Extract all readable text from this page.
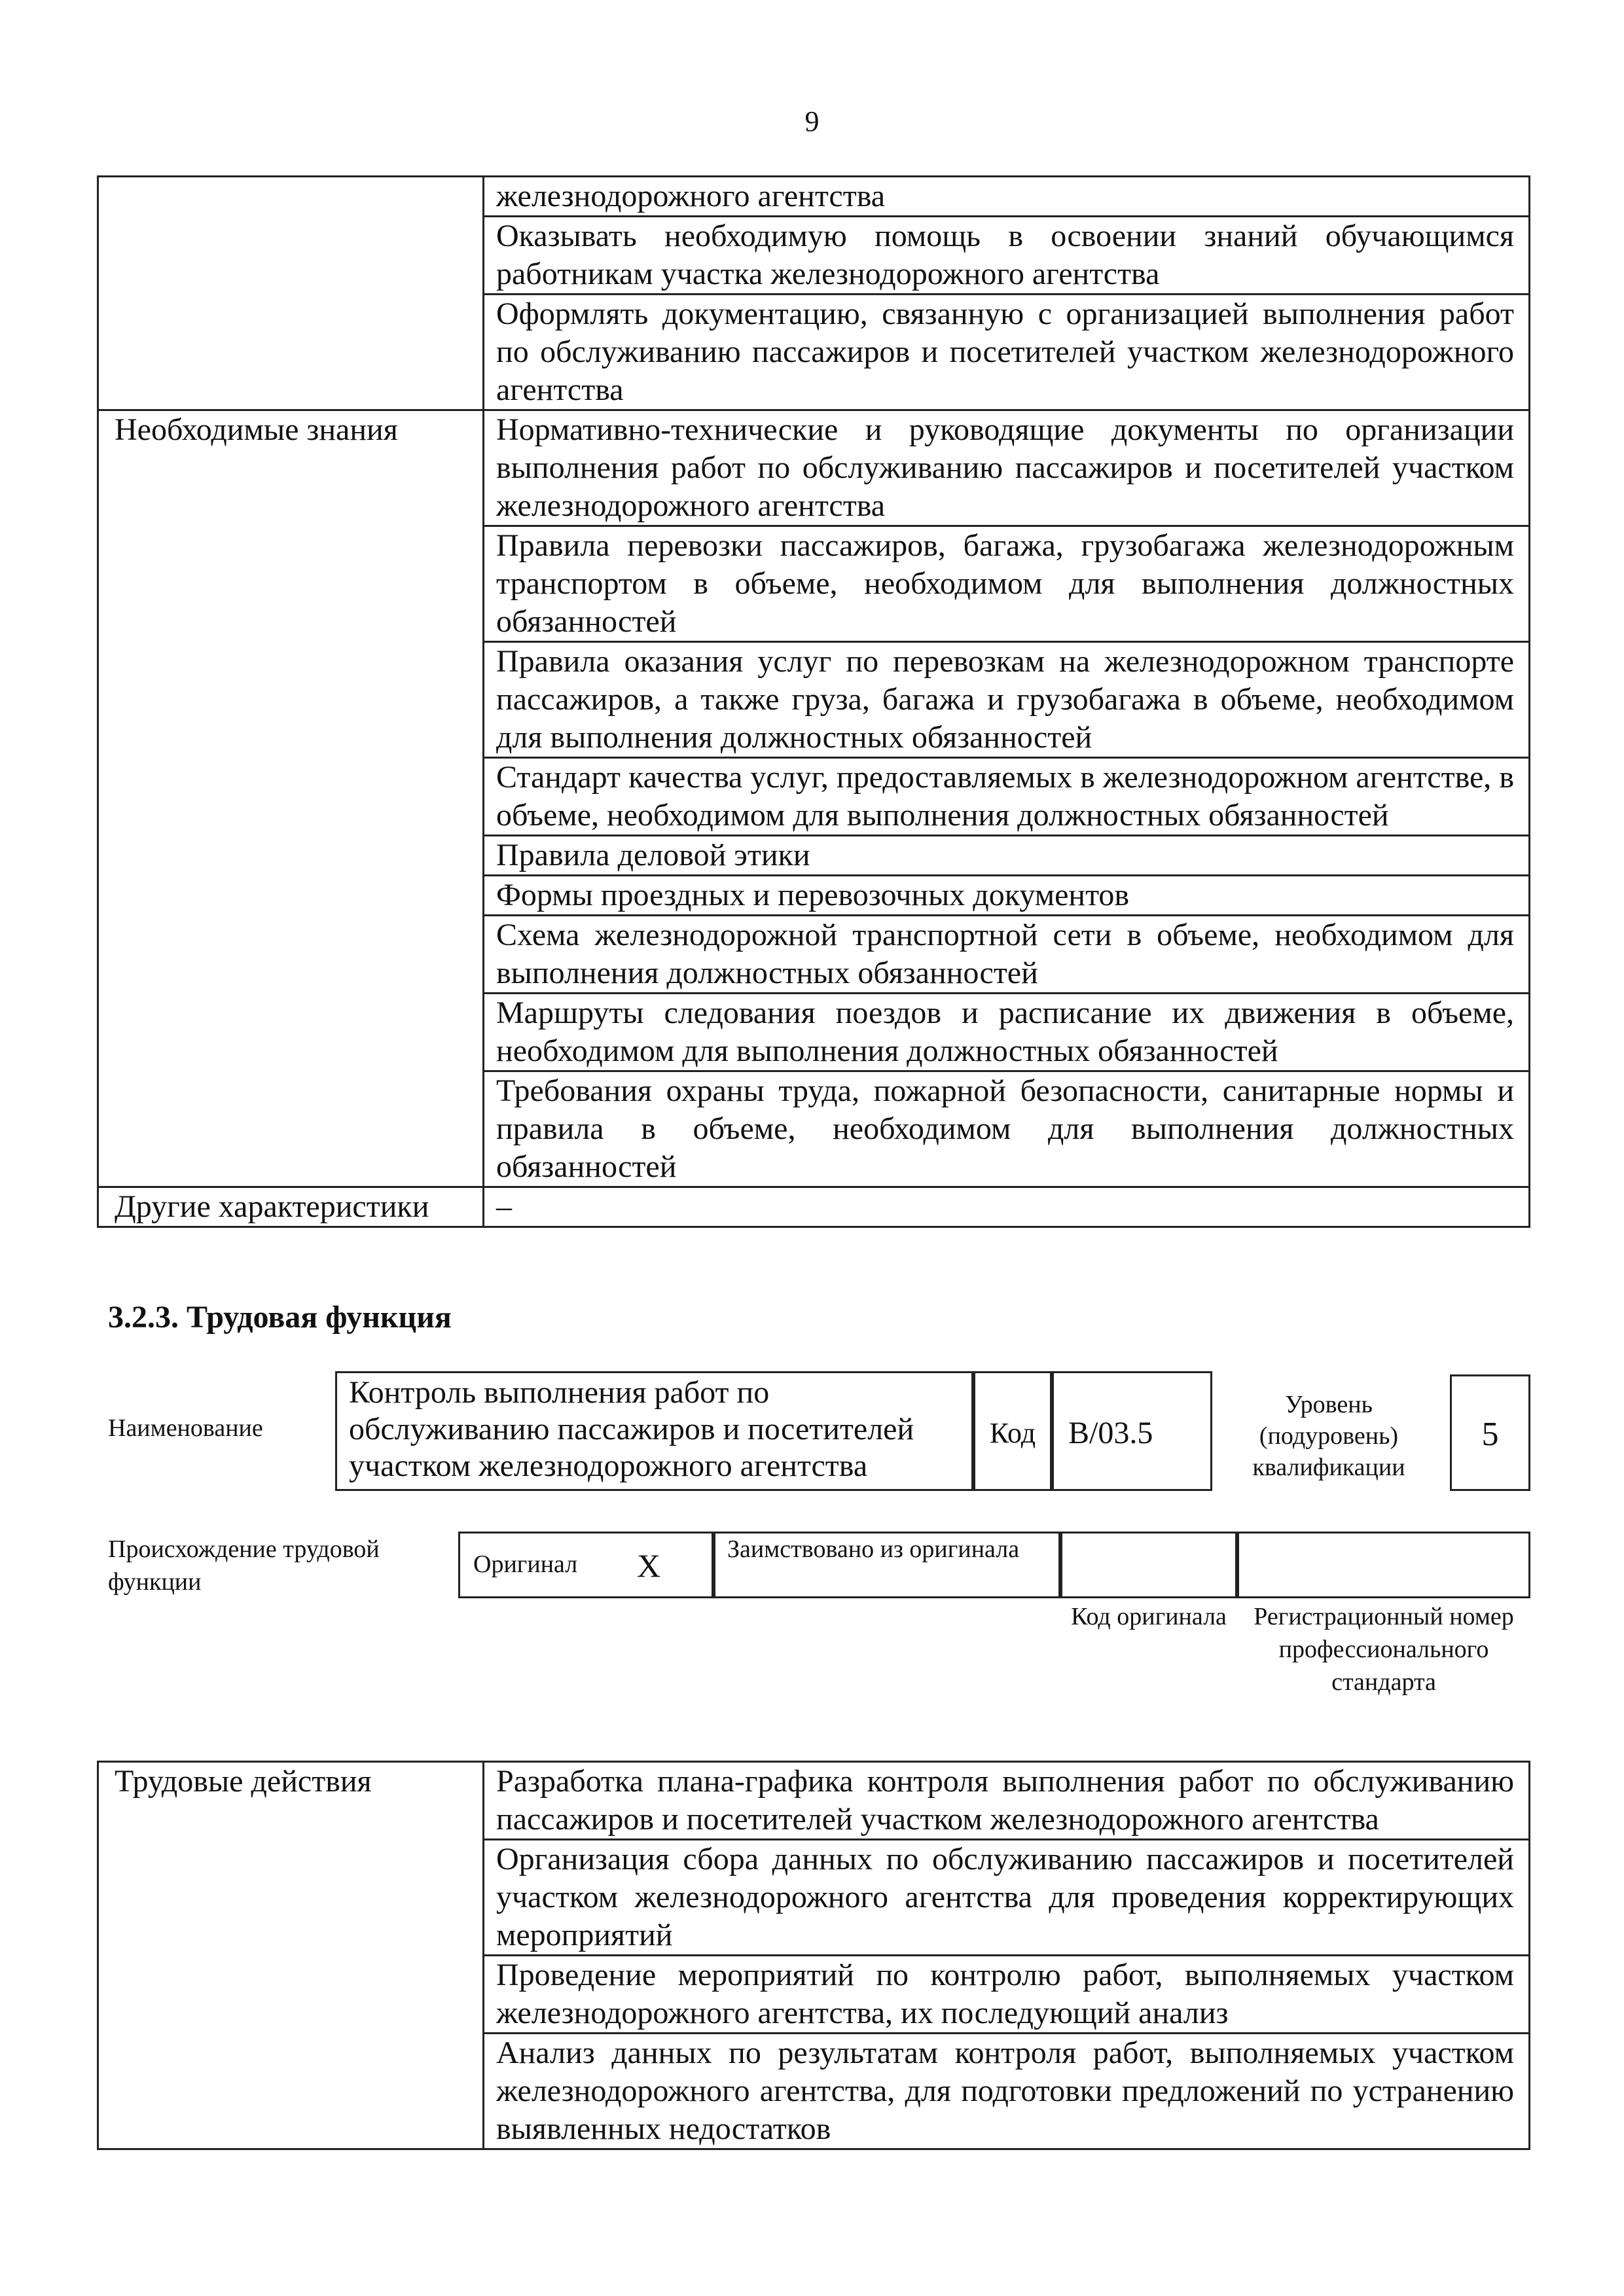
9
	железнодорожного агентства
	Оказывать необходимую помощь в освоении знаний обучающимся работникам участка железнодорожного агентства
	Оформлять документацию, связанную с организацией выполнения работ по обслуживанию пассажиров и посетителей участком железнодорожного агентства
Необходимые знания	Нормативно-технические и руководящие документы по организации выполнения работ по обслуживанию пассажиров и посетителей участком железнодорожного агентства
	Правила перевозки пассажиров, багажа, грузобагажа железнодорожным транспортом в объеме, необходимом для выполнения должностных обязанностей
	Правила оказания услуг по перевозкам на железнодорожном транспорте пассажиров, а также груза, багажа и грузобагажа в объеме, необходимом для выполнения должностных обязанностей
	Стандарт качества услуг, предоставляемых в железнодорожном агентстве, в объеме, необходимом для выполнения должностных обязанностей
	Правила деловой этики
	Формы проездных и перевозочных документов
	Схема железнодорожной транспортной сети в объеме, необходимом для выполнения должностных обязанностей
	Маршруты следования поездов и расписание их движения в объеме, необходимом для выполнения должностных обязанностей
	Требования охраны труда, пожарной безопасности, санитарные нормы и правила в объеме, необходимом для выполнения должностных обязанностей
Другие характеристики	–
3.2.3. Трудовая функция
Наименование
Контроль выполнения работ по обслуживанию пассажиров и посетителей участком железнодорожного агентства
Код	В/03.5
Уровень (подуровень) квалификации
5
Происхождение трудовой функции
Оригинал X	Заимствовано из оригинала
Код оригинала	Регистрационный номер профессионального стандарта
Трудовые действия	Разработка плана-графика контроля выполнения работ по обслуживанию пассажиров и посетителей участком железнодорожного агентства
Организация сбора данных по обслуживанию пассажиров и посетителей участком железнодорожного агентства для проведения корректирующих мероприятий
Проведение мероприятий по контролю работ, выполняемых участком железнодорожного агентства, их последующий анализ
Анализ данных по результатам контроля работ, выполняемых участком железнодорожного агентства, для подготовки предложений по устранению выявленных недостатков
